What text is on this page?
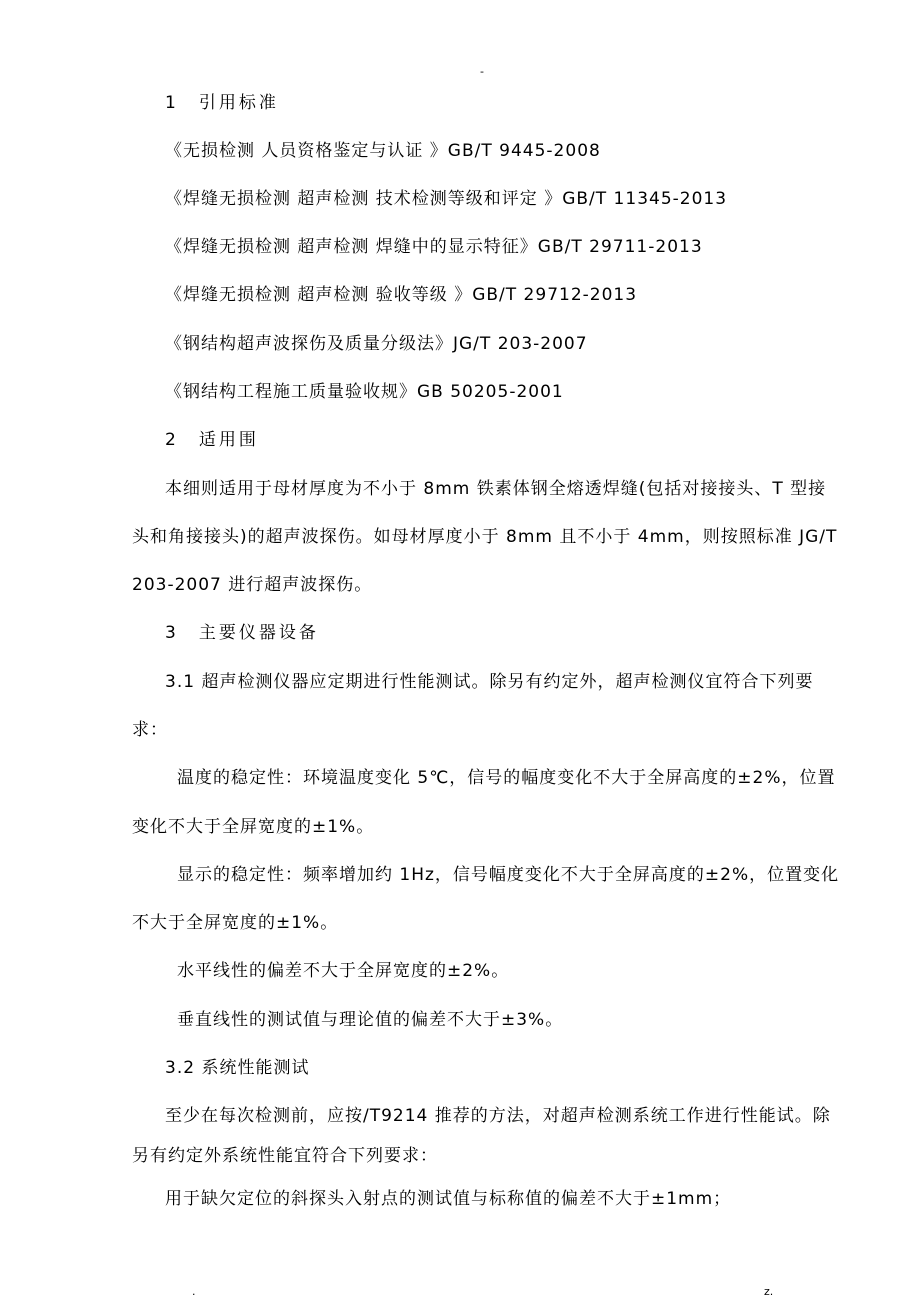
-
1　引用标准
《无损检测 人员资格鉴定与认证 》GB/T 9445-2008
《焊缝无损检测 超声检测 技术检测等级和评定 》GB/T 11345-2013
《焊缝无损检测 超声检测 焊缝中的显示特征》GB/T 29711-2013
《焊缝无损检测 超声检测 验收等级 》GB/T 29712-2013
《钢结构超声波探伤及质量分级法》JG/T 203-2007
《钢结构工程施工质量验收规》GB 50205-2001
2　适用围
本细则适用于母材厚度为不小于 8mm 铁素体钢全熔透焊缝(包括对接接头、T 型接
头和角接接头)的超声波探伤。如母材厚度小于 8mm 且不小于 4mm，则按照标准 JG/T
203-2007 进行超声波探伤。
3　主要仪器设备
3.1 超声检测仪器应定期进行性能测试。除另有约定外，超声检测仪宜符合下列要
求：
温度的稳定性：环境温度变化 5℃，信号的幅度变化不大于全屏高度的±2%，位置
变化不大于全屏宽度的±1%。
显示的稳定性：频率增加约 1Hz，信号幅度变化不大于全屏高度的±2%，位置变化
不大于全屏宽度的±1%。
水平线性的偏差不大于全屏宽度的±2%。
垂直线性的测试值与理论值的偏差不大于±3%。
3.2 系统性能测试
至少在每次检测前，应按/T9214 推荐的方法，对超声检测系统工作进行性能试。除
另有约定外系统性能宜符合下列要求：
用于缺欠定位的斜探头入射点的测试值与标称值的偏差不大于±1mm；
.	z.
